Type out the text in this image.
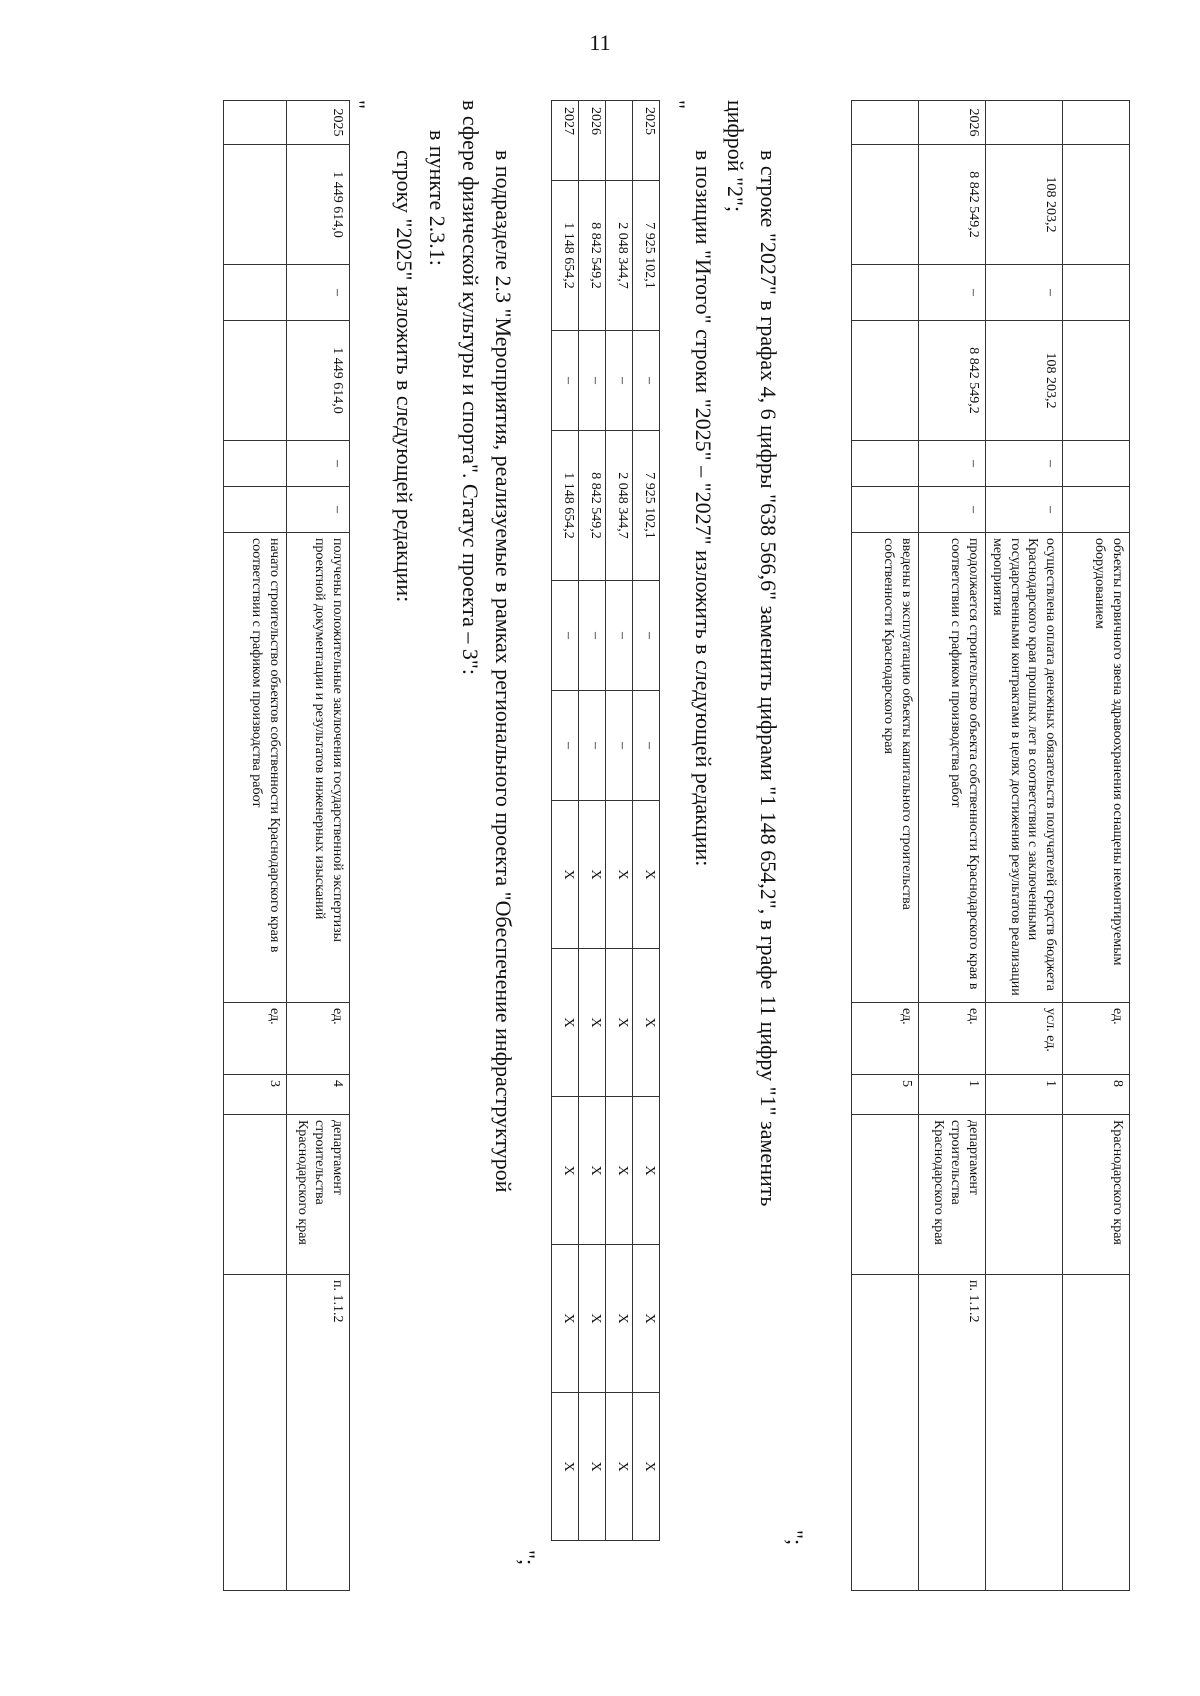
11
						объекты первичного звена здравоохранения оснащены немонтируемым оборудованием	ед.	8	Краснодарского края	
	108 203,2	–	108 203,2	–	–	осуществлена оплата денежных обязательств получателей средств бюджета Краснодарского края прошлых лет в соответствии с заключенными государственными контрактами в целях достижения результатов реализации мероприятия	усл. ед.	1		
2026	8 842 549,2	–	8 842 549,2	–	–	продолжается строительство объекта собственности Краснодарского края в соответствии с графиком производства работ	ед.	1	департамент строительства Краснодарского края	п. 1.1.2
						введены в эксплуатацию объекты капитального строительства собственности Краснодарского края	ед.	5		
";

в строке "2027" в графах 4, 6 цифры "638 566,6" заменить цифрами "1 148 654,2", в графе 11 цифру "1" заменить

цифрой "2";

в позиции "Итого" строки "2025" – "2027" изложить в следующей редакции:
2025	7 925 102,1	–	7 925 102,1	–	–	Х	Х	Х	Х	Х
	2 048 344,7	–	2 048 344,7	–	–	Х	Х	Х	Х	Х
2026	8 842 549,2	–	8 842 549,2	–	–	Х	Х	Х	Х	Х
2027	1 148 654,2	–	1 148 654,2	–	–	Х	Х	Х	Х	Х
"
";

в подразделе 2.3 "Мероприятия, реализуемые в рамках регионального проекта "Обеспечение инфраструктурой

в сфере физической культуры и спорта". Статус проекта – 3":

в пункте 2.3.1:

строку "2025" изложить в следующей редакции:

"
2025	1 449 614,0	–	1 449 614,0	–	–	получены положительные заключения государственной экспертизы проектной документации и результатов инженерных изысканий	ед.	4	департамент строительства Краснодарского края	п. 1.1.2
						начато строительство объектов собственности Краснодарского края в соответствии с графиком производства работ	ед.	3		
